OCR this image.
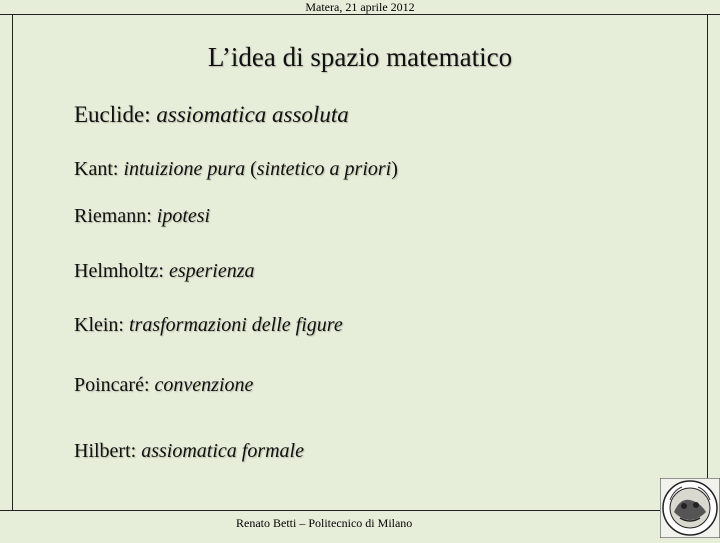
Matera, 21 aprile 2012
L’idea di spazio matematico
Euclide: assiomatica assoluta
Kant: intuizione pura (sintetico a priori)
Riemann: ipotesi
Helmholtz: esperienza
Klein: trasformazioni delle figure
Poincaré: convenzione
Hilbert: assiomatica formale
Renato Betti – Politecnico di Milano
